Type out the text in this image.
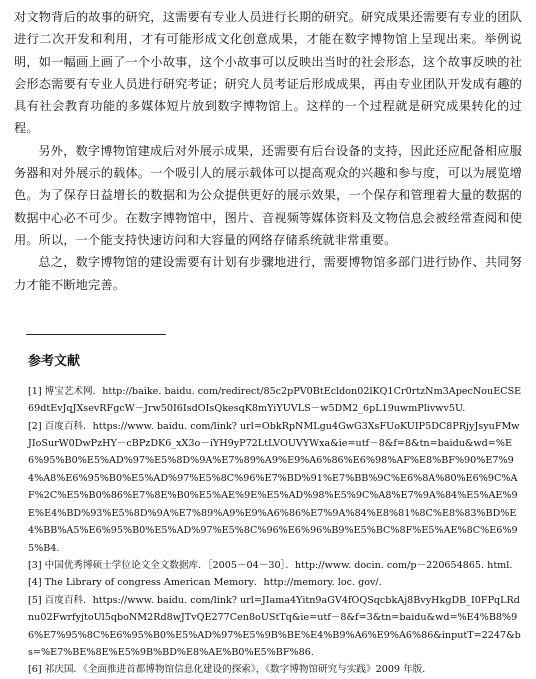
对文物背后的故事的研究，这需要有专业人员进行长期的研究。研究成果还需要有专业的团队进行二次开发和利用，才有可能形成文化创意成果，才能在数字博物馆上呈现出来。举例说明，如一幅画上画了一个小故事，这个小故事可以反映出当时的社会形态，这个故事反映的社会形态需要有专业人员进行研究考证；研究人员考证后形成成果，再由专业团队开发成有趣的具有社会教育功能的多媒体短片放到数字博物馆上。这样的一个过程就是研究成果转化的过程。

另外，数字博物馆建成后对外展示成果，还需要有后台设备的支持，因此还应配备相应服务器和对外展示的载体。一个吸引人的展示载体可以提高观众的兴趣和参与度，可以为展览增色。为了保存日益增长的数据和为公众提供更好的展示效果，一个保存和管理着大量的数据的数据中心必不可少。在数字博物馆中，图片、音视频等媒体资料及文物信息会被经常查阅和使用。所以，一个能支持快速访问和大容量的网络存储系统就非常重要。

总之，数字博物馆的建设需要有计划有步骤地进行，需要博物馆多部门进行协作、共同努力才能不断地完善。

参考文献
[1] 博宝艺术网．http://baike. baidu. com/redirect/85c2pPV0BtEcldon02lKQ1Cr0rtzNm3ApecNouECSE69dtEvJqJXsevRFgcW－Jrw50I6IsdOIsQkesqK8mYiYUVLS－w5DM2_6pL19uwmPlivwv5U.
[2] 百度百科．https://www. baidu. com/link? url=ObkRpNMLgu4GwG3XsFUoKUIP5DC8PRjyJsyuFMwJIoSurW0DwPzHY－cBPzDK6_xX3o－iYH9yP72LtLVOUVYWxa&ie=utf－8&f=8&tn=baidu&wd=%E6%95%B0%E5%AD%97%E5%8D%9A%E7%89%A9%E9%A6%86%E6%98%AF%E8%BF%90%E7%94%A8%E6%95%B0%E5%AD%97%E5%8C%96%E7%BD%91%E7%BB%9C%E6%8A%80%E6%9C%AF%2C%E5%B0%86%E7%8E%B0%E5%AE%9E%E5%AD%98%E5%9C%A8%E7%9A%84%E5%AE%9E%E4%BD%93%E5%8D%9A%E7%89%A9%E9%A6%86%E7%9A%84%E8%81%8C%E8%83%BD%E4%BB%A5%E6%95%B0%E5%AD%97%E5%8C%96%E6%96%B9%E5%BC%8F%E5%AE%8C%E6%95%B4.
[3] 中国优秀博硕士学位论文全文数据库．［2005－04－30］．http://www. docin. com/p－220654865. html.
[4] The Library of congress American Memory．http://memory. loc. gov/.
[5] 百度百科．https://www. baidu. com/link? url=JIama4Yitn9aGV4fOQSqcbkAj8BvyHkgDB_I0FPqLRdnu02FwrfyjtoUl5qboNM2Rd8wJTvQE277Cen8oUStTq&ie=utf－8&f=3&tn=baidu&wd=%E4%B8%96%E7%95%8C%E6%95%B0%E5%AD%97%E5%9B%BE%E4%B9%A6%E9%A6%86&inputT=2247&bs=%E7%BE%8E%E5%9B%BD%E8%AE%B0%E5%BF%86.
[6] 祁庆国．《全面推进首都博物馆信息化建设的探索》，《数字博物馆研究与实践》2009 年版．
